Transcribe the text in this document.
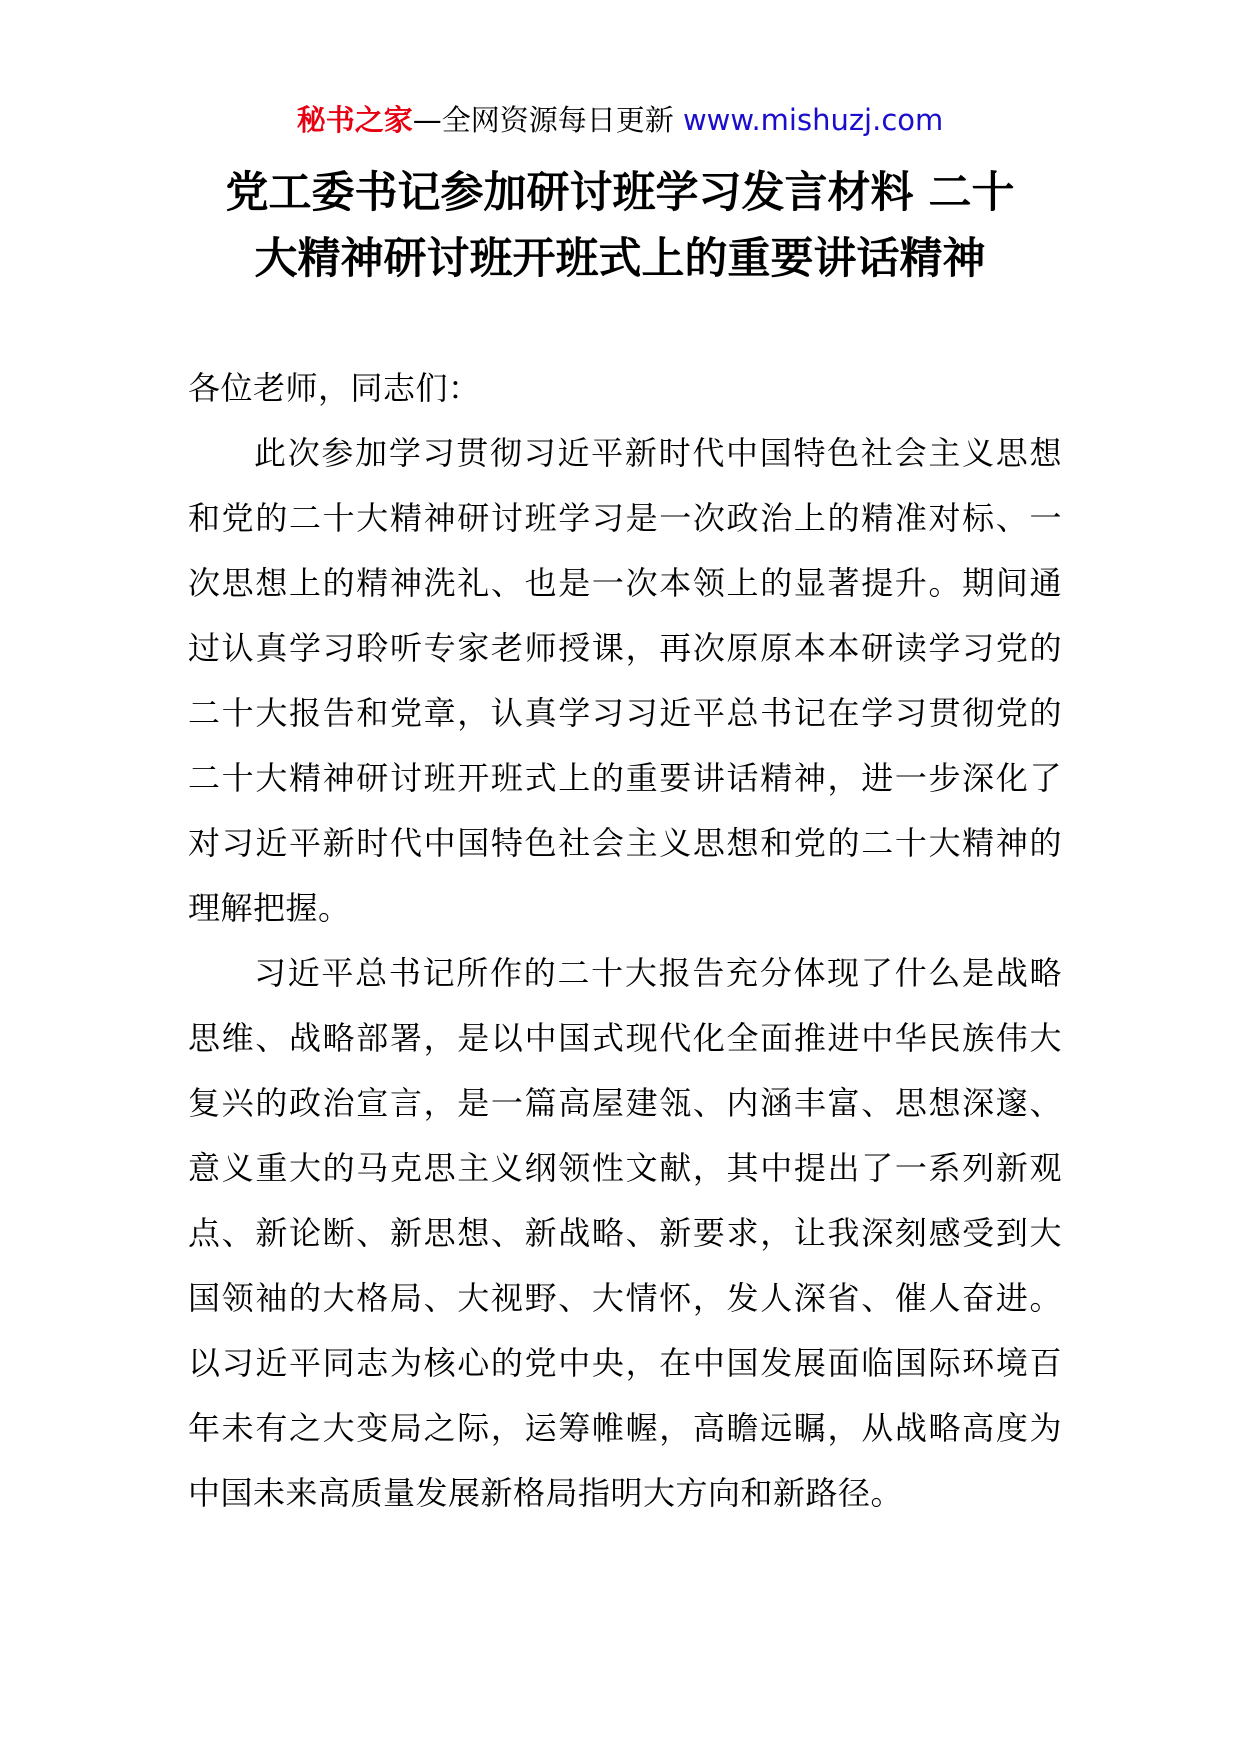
秘书之家—全网资源每日更新 www.mishuzj.com
党工委书记参加研讨班学习发言材料 二十
大精神研讨班开班式上的重要讲话精神

各位老师，同志们：

此次参加学习贯彻习近平新时代中国特色社会主义思想和党的二十大精神研讨班学习是一次政治上的精准对标、一次思想上的精神洗礼、也是一次本领上的显著提升。期间通过认真学习聆听专家老师授课，再次原原本本研读学习党的二十大报告和党章，认真学习习近平总书记在学习贯彻党的二十大精神研讨班开班式上的重要讲话精神，进一步深化了对习近平新时代中国特色社会主义思想和党的二十大精神的理解把握。

习近平总书记所作的二十大报告充分体现了什么是战略思维、战略部署，是以中国式现代化全面推进中华民族伟大复兴的政治宣言，是一篇高屋建瓴、内涵丰富、思想深邃、意义重大的马克思主义纲领性文献，其中提出了一系列新观点、新论断、新思想、新战略、新要求，让我深刻感受到大国领袖的大格局、大视野、大情怀，发人深省、催人奋进。以习近平同志为核心的党中央，在中国发展面临国际环境百年未有之大变局之际，运筹帷幄，高瞻远瞩，从战略高度为中国未来高质量发展新格局指明大方向和新路径。
